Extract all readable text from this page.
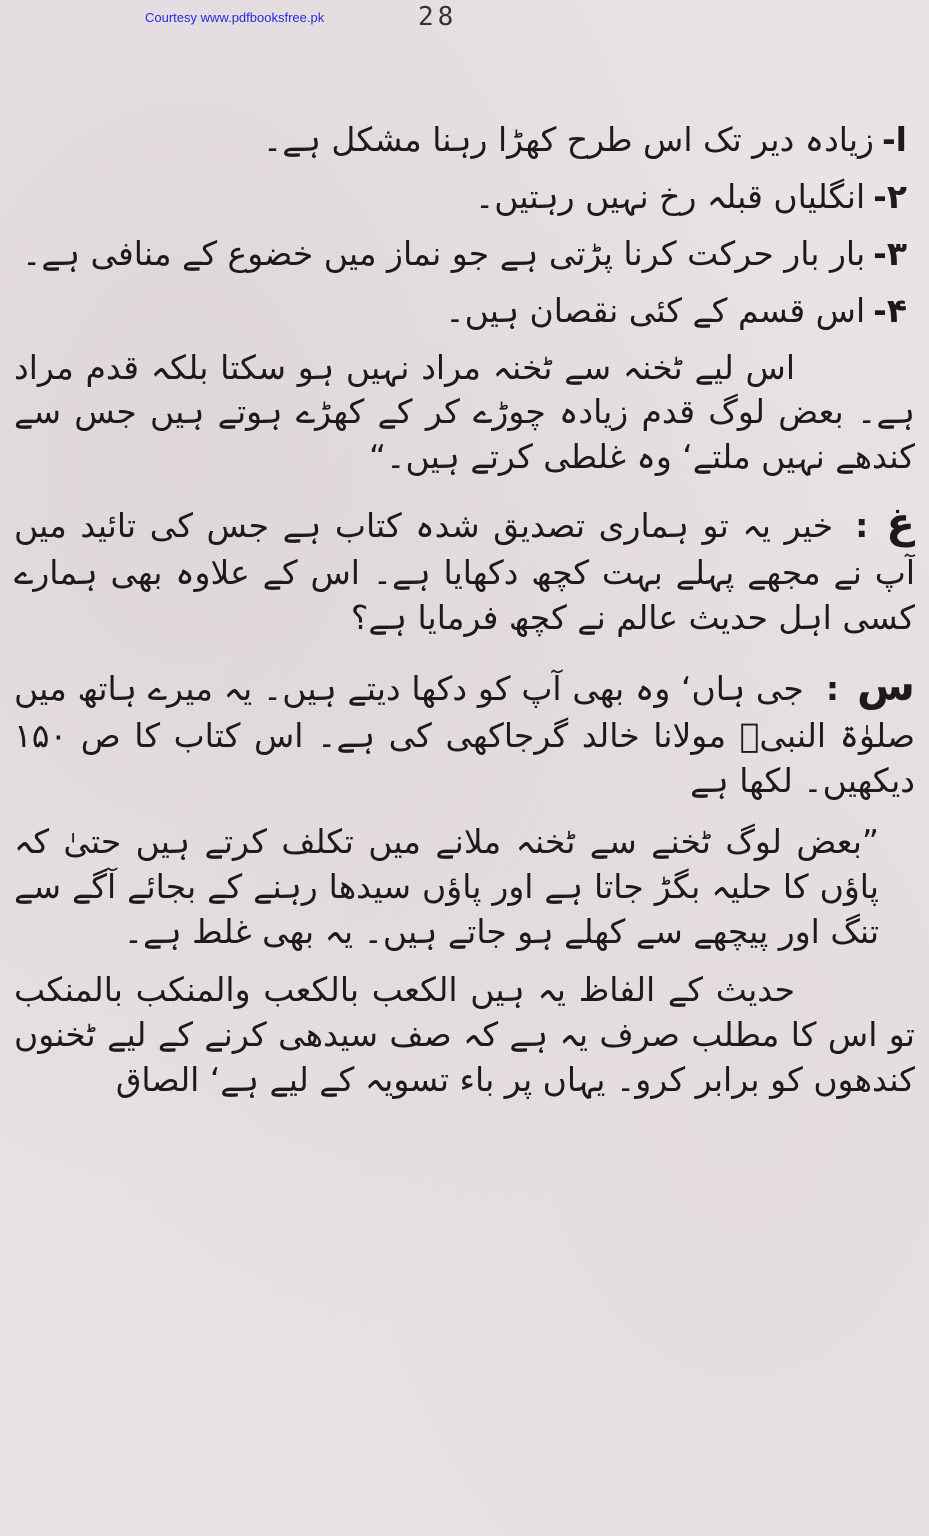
Courtesy www.pdfbooksfree.pk	28
ا-زیادہ دیر تک اس طرح کھڑا رہنا مشکل ہے۔
۲-انگلیاں قبلہ رخ نہیں رہتیں۔
۳-بار بار حرکت کرنا پڑتی ہے جو نماز میں خضوع کے منافی ہے۔
۴-اس قسم کے کئی نقصان ہیں۔

اس لیے ٹخنہ سے ٹخنہ مراد نہیں ہو سکتا بلکہ قدم مراد ہے۔ بعض لوگ قدم زیادہ چوڑے کر کے کھڑے ہوتے ہیں جس سے کندھے نہیں ملتے‘ وہ غلطی کرتے ہیں۔“

غ:خیر یہ تو ہماری تصدیق شدہ کتاب ہے جس کی تائید میں آپ نے مجھے پہلے بہت کچھ دکھایا ہے۔ اس کے علاوہ بھی ہمارے کسی اہل حدیث عالم نے کچھ فرمایا ہے؟

س:جی ہاں‘ وہ بھی آپ کو دکھا دیتے ہیں۔ یہ میرے ہاتھ میں صلوٰۃ النبیؐ مولانا خالد گرجاکھی کی ہے۔ اس کتاب کا ص ۱۵۰ دیکھیں۔ لکھا ہے

”بعض لوگ ٹخنے سے ٹخنہ ملانے میں تکلف کرتے ہیں حتیٰ کہ پاؤں کا حلیہ بگڑ جاتا ہے اور پاؤں سیدھا رہنے کے بجائے آگے سے تنگ اور پیچھے سے کھلے ہو جاتے ہیں۔ یہ بھی غلط ہے۔

حدیث کے الفاظ یہ ہیں الکعب بالکعب والمنکب بالمنکب تو اس کا مطلب صرف یہ ہے کہ صف سیدھی کرنے کے لیے ٹخنوں کندھوں کو برابر کرو۔ یہاں پر باء تسویہ کے لیے ہے‘ الصاق
